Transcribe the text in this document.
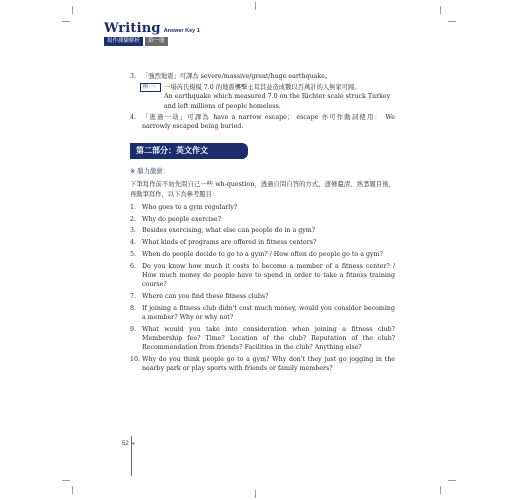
Writing Answer Key 1
寫作測驗解析	第一冊
3. 「強烈地震」可譯為 severe/massive/great/huge earthquake。
例一： 一場芮氏規模 7.0 的地震襲擊土耳其並造成數以百萬計的人無家可歸。
An earthquake which measured 7.0 on the Richter scale struck Turkey and left millions of people homeless.
4. 「逃過一劫」可譯為 have a narrow escape； escape 亦可作動詞使用： We narrowly escaped being buried.
第二部分：英文作文
※ 腦力激盪：
下筆寫作前不妨先問自己一些 wh-question，透過自問自答的方式，逐條釐清、熟悉題目後，再動筆寫作，以下為參考題目：
1. Who goes to a gym regularly?
2. Why do people exercise?
3. Besides exercising, what else can people do in a gym?
4. What kinds of programs are offered in fitness centers?
5. When do people decide to go to a gym? / How often do people go to a gym?
6. Do you know how much it costs to become a member of a fitness center? / How much money do people have to spend in order to take a fitness training course?
7. Where can you find these fitness clubs?
8. If joining a fitness club didn't cost much money, would you consider becoming a member? Why or why not?
9. What would you take into consideration when joining a fitness club? Membership fee? Time? Location of the club? Reputation of the club? Recommendation from friends? Facilities in the club? Anything else?
10. Why do you think people go to a gym? Why don't they just go jogging in the nearby park or play sports with friends or family members?
52 ➔
